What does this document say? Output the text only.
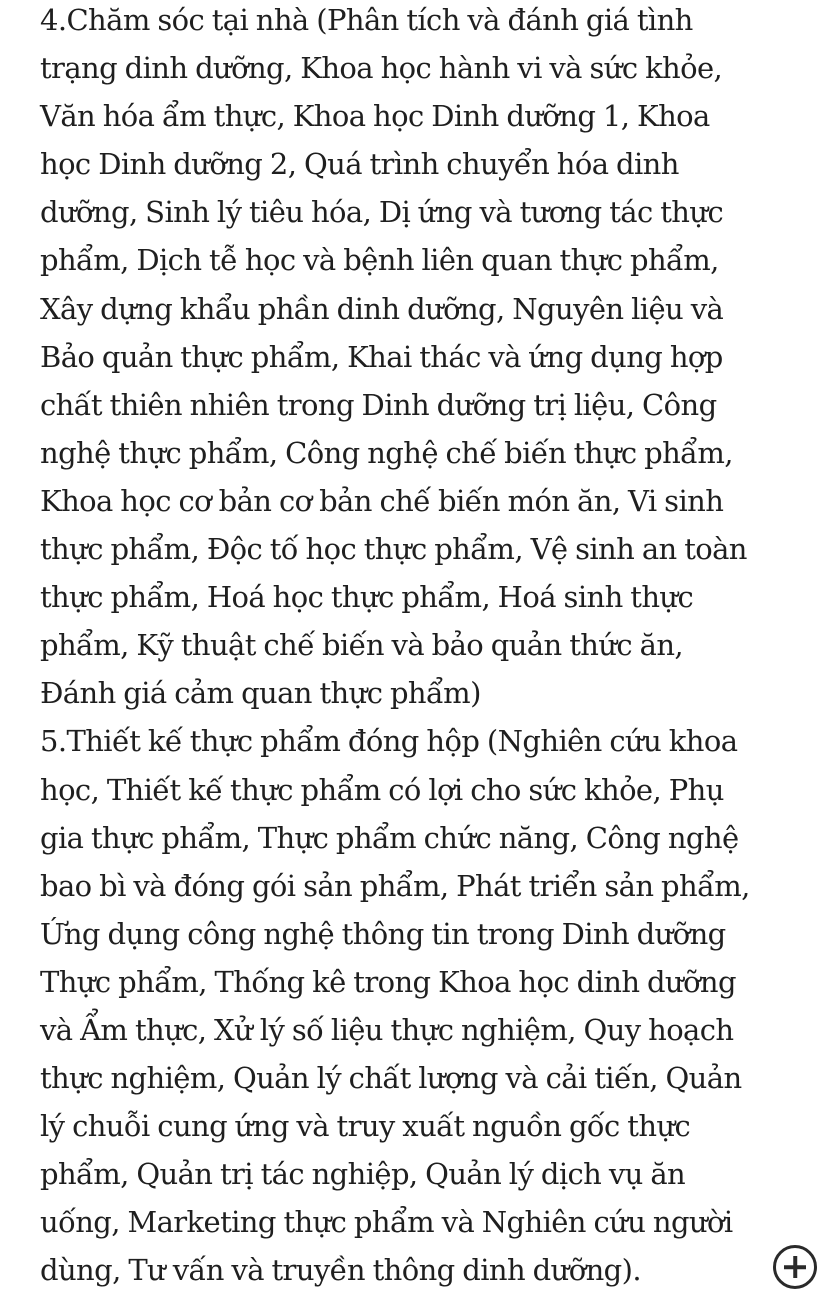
4.Chăm sóc tại nhà (Phân tích và đánh giá tình
trạng dinh dưỡng, Khoa học hành vi và sức khỏe,
Văn hóa ẩm thực, Khoa học Dinh dưỡng 1, Khoa
học Dinh dưỡng 2, Quá trình chuyển hóa dinh
dưỡng, Sinh lý tiêu hóa, Dị ứng và tương tác thực
phẩm, Dịch tễ học và bệnh liên quan thực phẩm,
Xây dựng khẩu phần dinh dưỡng, Nguyên liệu và
Bảo quản thực phẩm, Khai thác và ứng dụng hợp
chất thiên nhiên trong Dinh dưỡng trị liệu, Công
nghệ thực phẩm, Công nghệ chế biến thực phẩm,
Khoa học cơ bản cơ bản chế biến món ăn, Vi sinh
thực phẩm, Độc tố học thực phẩm, Vệ sinh an toàn
thực phẩm, Hoá học thực phẩm, Hoá sinh thực
phẩm, Kỹ thuật chế biến và bảo quản thức ăn,
Đánh giá cảm quan thực phẩm)
5.Thiết kế thực phẩm đóng hộp (Nghiên cứu khoa
học, Thiết kế thực phẩm có lợi cho sức khỏe, Phụ
gia thực phẩm, Thực phẩm chức năng, Công nghệ
bao bì và đóng gói sản phẩm, Phát triển sản phẩm,
Ứng dụng công nghệ thông tin trong Dinh dưỡng
Thực phẩm, Thống kê trong Khoa học dinh dưỡng
và Ẩm thực, Xử lý số liệu thực nghiệm, Quy hoạch
thực nghiệm, Quản lý chất lượng và cải tiến, Quản
lý chuỗi cung ứng và truy xuất nguồn gốc thực
phẩm, Quản trị tác nghiệp, Quản lý dịch vụ ăn
uống, Marketing thực phẩm và Nghiên cứu người
dùng, Tư vấn và truyền thông dinh dưỡng).
